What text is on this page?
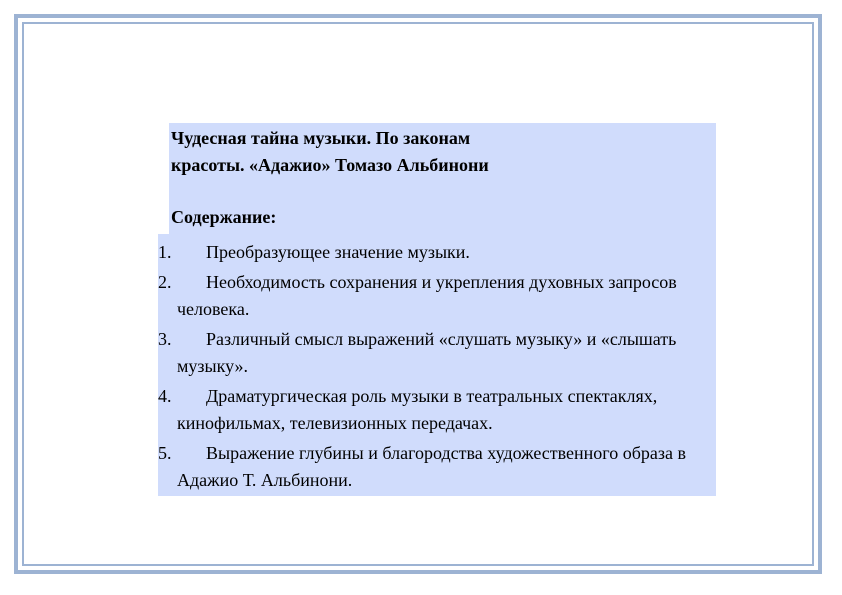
Чудесная тайна музыки. По законам
красоты. «Адажио» Томазо Альбинони
Содержание:
1.	Преобразующее значение музыки.
2.	Необходимость сохранения и укрепления духовных запросов человека.
3.	Различный смысл выражений «слушать музыку» и «слышать музыку».
4.	Драматургическая роль музыки в театральных спектаклях, кинофильмах, телевизионных передачах.
5.	Выражение глубины и благородства художественного образа в Адажио Т. Альбинони.
